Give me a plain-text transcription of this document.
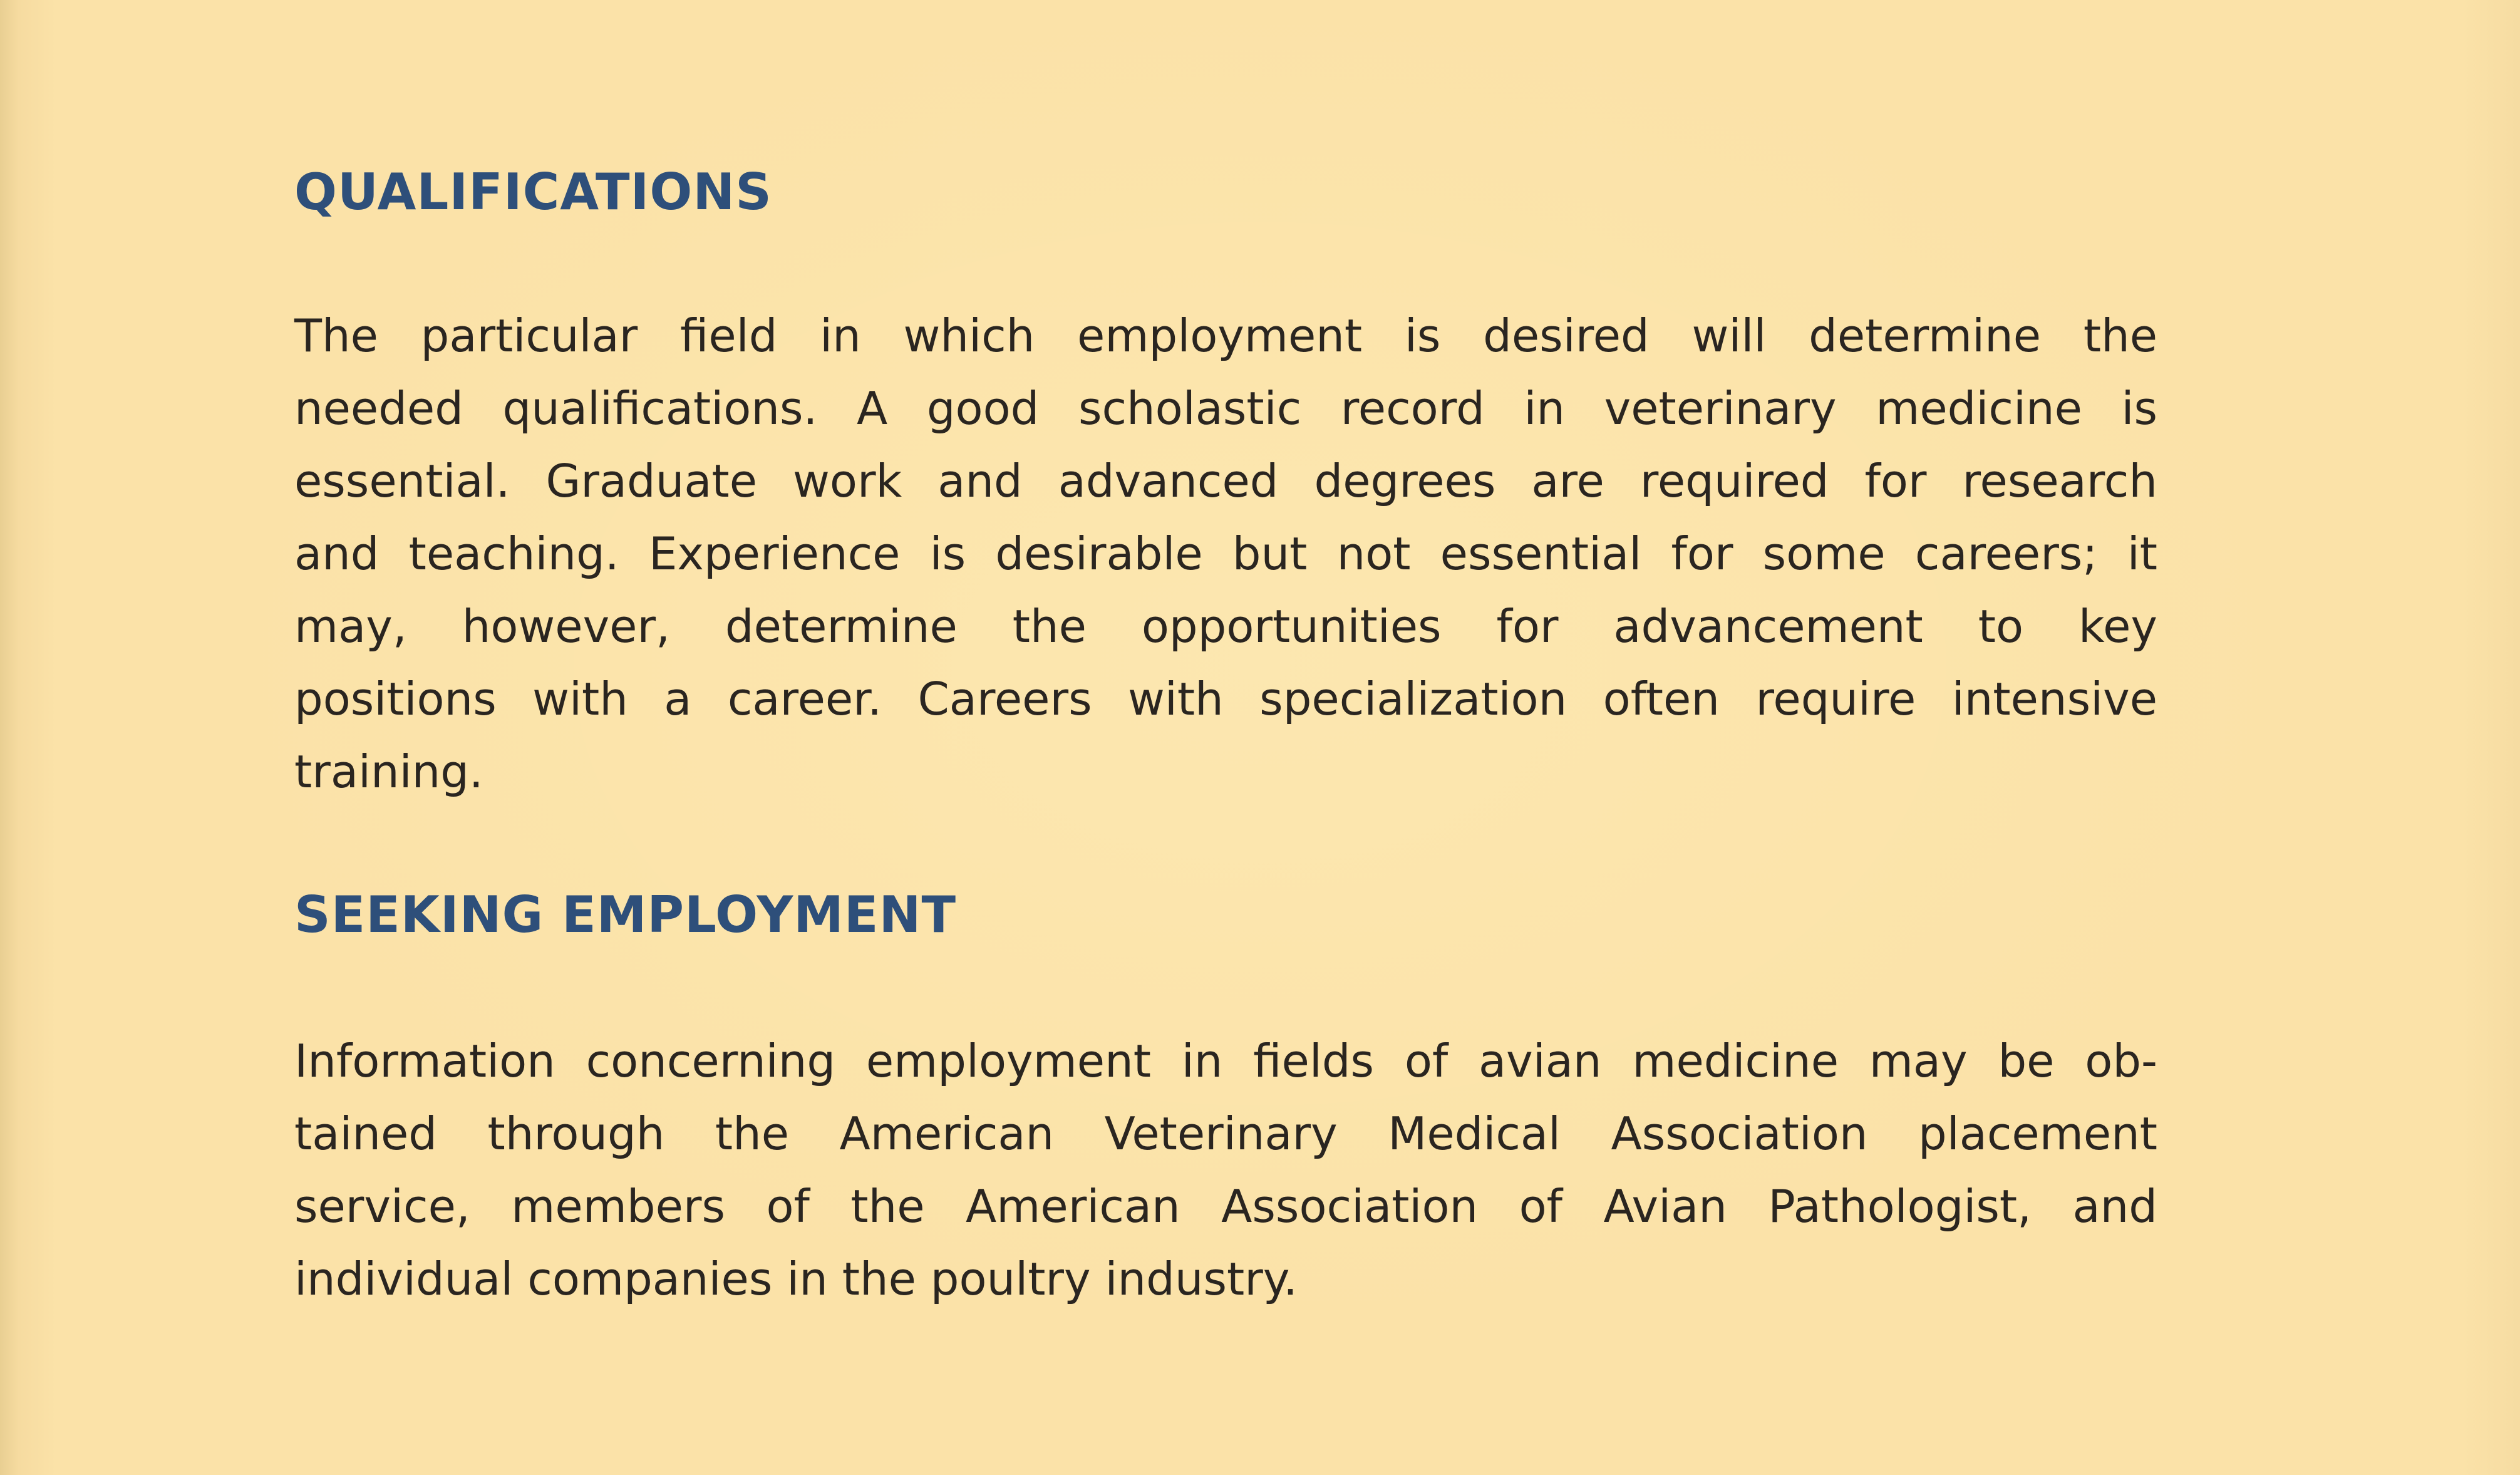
QUALIFICATIONS

The particular field in which employment is desired will determine the
needed qualifications. A good scholastic record in veterinary medicine is
essential. Graduate work and advanced degrees are required for research
and teaching. Experience is desirable but not essential for some careers; it
may, however, determine the opportunities for advancement to key
positions with a career. Careers with specialization often require intensive
training.

SEEKING EMPLOYMENT

Information concerning employment in fields of avian medicine may be ob-
tained through the American Veterinary Medical Association placement
service, members of the American Association of Avian Pathologist, and
individual companies in the poultry industry.
